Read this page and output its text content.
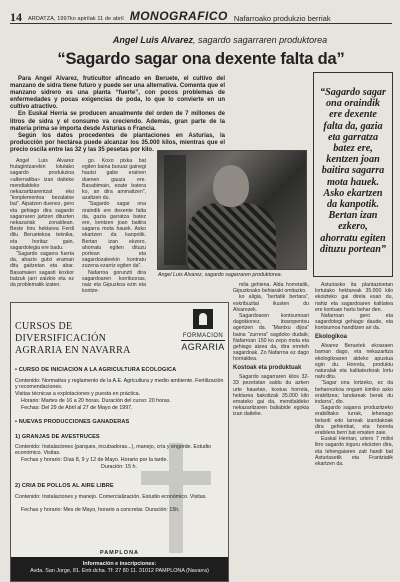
14 ARDATZA, 1997ko apirilak 11 de abril MONOGRAFICO Nafarroako produkzio berriak
Angel Luis Alvarez, sagardo sagarraren produktorea
“Sagardo sagar ona dexente falta da”

Para Angel Alvarez, fruticultor afincado en Beruete, el cultivo del manzano de sidra tiene futuro y puede ser una alternativa. Comenta que el manzano sidrero es una planta “fuerte”, con pocos problemas de enfermedades y pocas exigencias de poda, lo que lo convierte en un cultivo atractivo.

En Euskal Herria se producen anualmente del orden de 7 millones de litros de sidra y el consumo va creciendo. Además, gran parte de la materia prima se importa desde Asturias o Francia.

Según los datos procedentes de plantaciones en Asturias, la producción por hectárea puede alcanzar los 35.000 kilos, mientras que el precio oscila entre las 32 y las 35 pesetas por kilo.

Angel Luis Alvarez frutagintzarekin lotutako sagardo produkzioa «alternatiba» izan daiteke mendialdeko nekazaritzarentzat eko “konplementoa bezalatxe bai”. Aipatzen duenez, gero eta gehiago dira sagardo sagarraren jartzen dituzten nekazariak zonaldean. Beste hiru hektarea Ferdi dilu Beruetekoa teknika, eta horitaz gain, sagardotegia ere badu.

“Sagardo sagarra fuerta da, ahazio gutxi eraman ditu gaitzetan eta abar. Basamaien sagasti koxkor batzuk jarri zaizkio eta ez da problematik izaten.

go. Koxo pixka bat egiten baina buruaz gainegi hautsi gabe erainen duenen gauza ere. Basabimain, ezate batera ko, an dira ammaitzen”, azaltzen du.

“Sagardo sagar ona oraindik ere dexente falta da, gazia garratza batez ere, kentzen joan baitira sagarra mota hauek. Asko ekartzen da kanpotik. Bertan izan ekzero, ahorratu egiten dituzu portean eta sagardozaleekin kontratu zuzena ezarriz egiten da”.

Nafarroa gorunzti dira sagardoaren korrituonas, naiz eta Gipuzkoa ezin eta kontze-

Angel Luis Alvarez, sagardo sagarraren produktorea.
“Sagardo sagar ona oraindik ere dexente falta da, gazia eta garratza batez ere, kentzen joan baitira sagarra mota hauek. Asko ekartzen da kanpotik. Bertan izan ezkero, ahorratu egiten dituzu portean”
CURSOS DE DIVERSIFICACIÓN
AGRARIA EN NAVARRA
FORMACION
AGRARIA
• CURSO DE INICIACION A LA AGRICULTURA ECOLOGICA
Contenido: Normativa y reglamento de la A.E. Agricultura y medio ambiente. Fertilización y recomendaciones.
Visitas técnicas a explotaciones y puesta en práctica.
Horario: Martes de 16 a 20 horas. Duración del curso: 20 horas.
Fechas: Del 29 de Abril al 27 de Mayo de 1997.
• NUEVAS PRODUCCIONES GANADERAS
1) GRANJAS DE AVESTRUCES
Contenido: Instalaciones (parques, incubadoras...), manejo, cría y engorde. Estudio económico. Visitas.
Fechas y horario: Días 8, 9 y 12 de Mayo. Horario por la tarde.
Duración: 15 h.
2) CRIA DE POLLOS AL AIRE LIBRE
Contenido: Instalaciones y manejo. Comercialización. Estudio económico. Visitas.
Fechas y horario: Mes de Mayo, horario a concretar. Duración: 15h.
PAMPLONA
Información e inscripciones:
Avda. San Jorge, 81. Entr.dcha. Tf: 27 80 11. 31012 PAMPLONA (Navarra)

mila gehiena. Alda horretatik, Gipuzkoako behiaraki omitazko.

ko aligia, “bertatik bertara”, eskribuzitai ikusten du Alvarezek.

Sagardoaren kontsumoari dagokionez, itxaropentsu agertzen da. “Mantxu dijoa” baina “zurrera” sagdoko dudaik; Nafarroan 150 ko zepo mota eta gehiago atzea da, dira erreteh sagardoak. Zo Nafarroa ez dago horrialdea.

Kostoak eta produktuak

Sagardo sagarraren kilos 32-33 pezetatan saldu du azken urte hauetan, kostua horrela, hektarea bakoitzak 35.000 kilo emateko gai da, mendialdeko nekazaritzaren baliabide egokia izan daiteke.

Asturiasko ita plantazioetan lortutako hektareak 35.000 kilo ekoizteko gai direla esan du, nahiz eta sagardoaren kalitatea ere kontuan hartu behar den.

Nafarroan gero eta sagardotegi gehiago daude, eta kontsumoa handitzen ari da.

Ekologikoa

Alvarez Beruetek ekoaraen baman dago, eta nekazaritza ekologikoaren aldeko apustua egin du. Horrela, produktu naturalak eta kalitatezkoak lortu nahi ditu.

“Sagar ona lortzeko, ez da beharrezkoa ongarri kimiko asko erabiltzea; landareak berak du indarra”, dio.

Sagardo sagarra produzitzeko erabilitako lurrak, lehenago belardi edo larreak izandakoak dira gehienbat, eta horrela erabilera berri bat ematen zaie.

Euskal Herrian, urtero 7 milioi litro sagardo inguru ekoizten dira, eta lehengaiaren zati handi bat Asturiasetik eta Frantziatik ekartzen da.
